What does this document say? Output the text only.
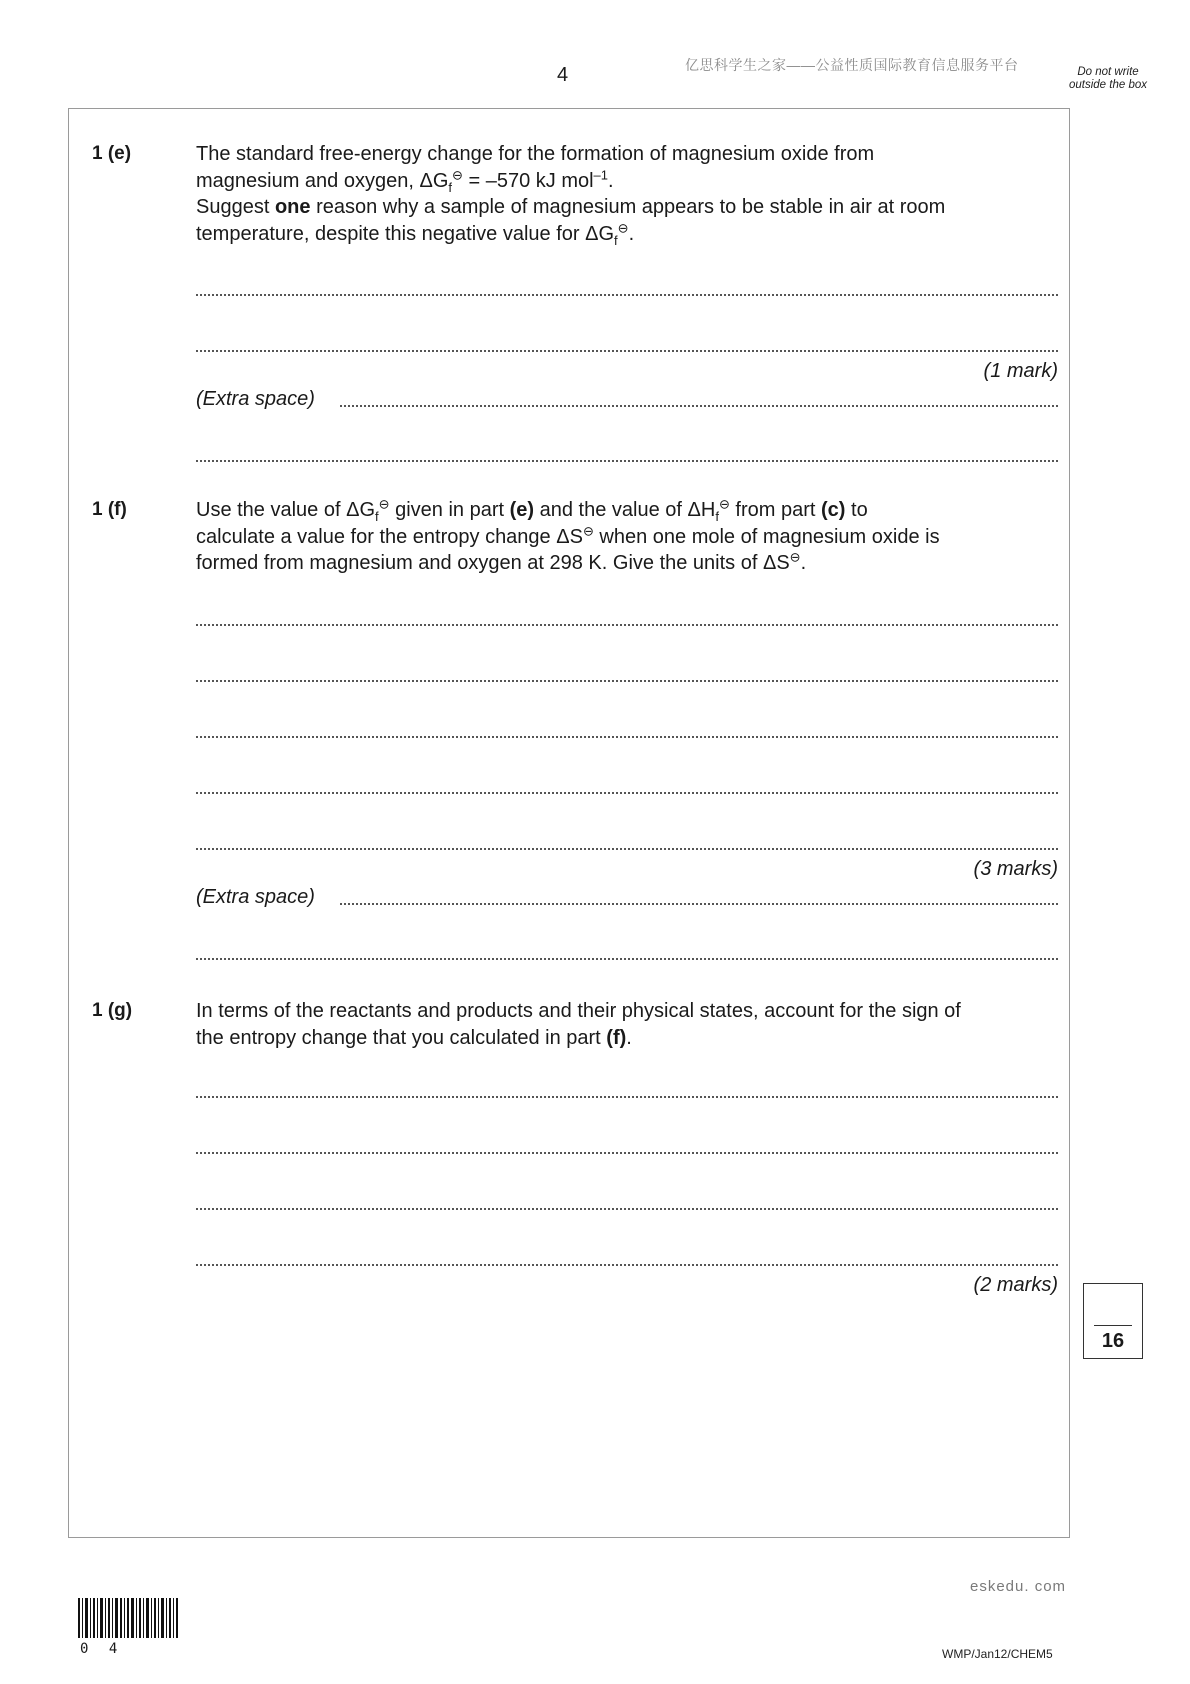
4	亿思科学生之家——公益性质国际教育信息服务平台	Do not write outside the box
1 (e)	The standard free-energy change for the formation of magnesium oxide from
magnesium and oxygen, $\Delta G_f^⊖ = -570$ kJ mol$^{-1}$.
Suggest one reason why a sample of magnesium appears to be stable in air at room
temperature, despite this negative value for $\Delta G_f^⊖$.
(1 mark)
(Extra space)
1 (f)	Use the value of $\Delta G_f^⊖$ given in part (e) and the value of $\Delta H_f^⊖$ from part (c) to
calculate a value for the entropy change ΔS⊖ when one mole of magnesium oxide is
formed from magnesium and oxygen at 298 K. Give the units of ΔS⊖.
(3 marks)
(Extra space)
1 (g)	In terms of the reactants and products and their physical states, account for the sign of
the entropy change that you calculated in part (f).
(2 marks)
16
eskedu. com
WMP/Jan12/CHEM5
0 4
